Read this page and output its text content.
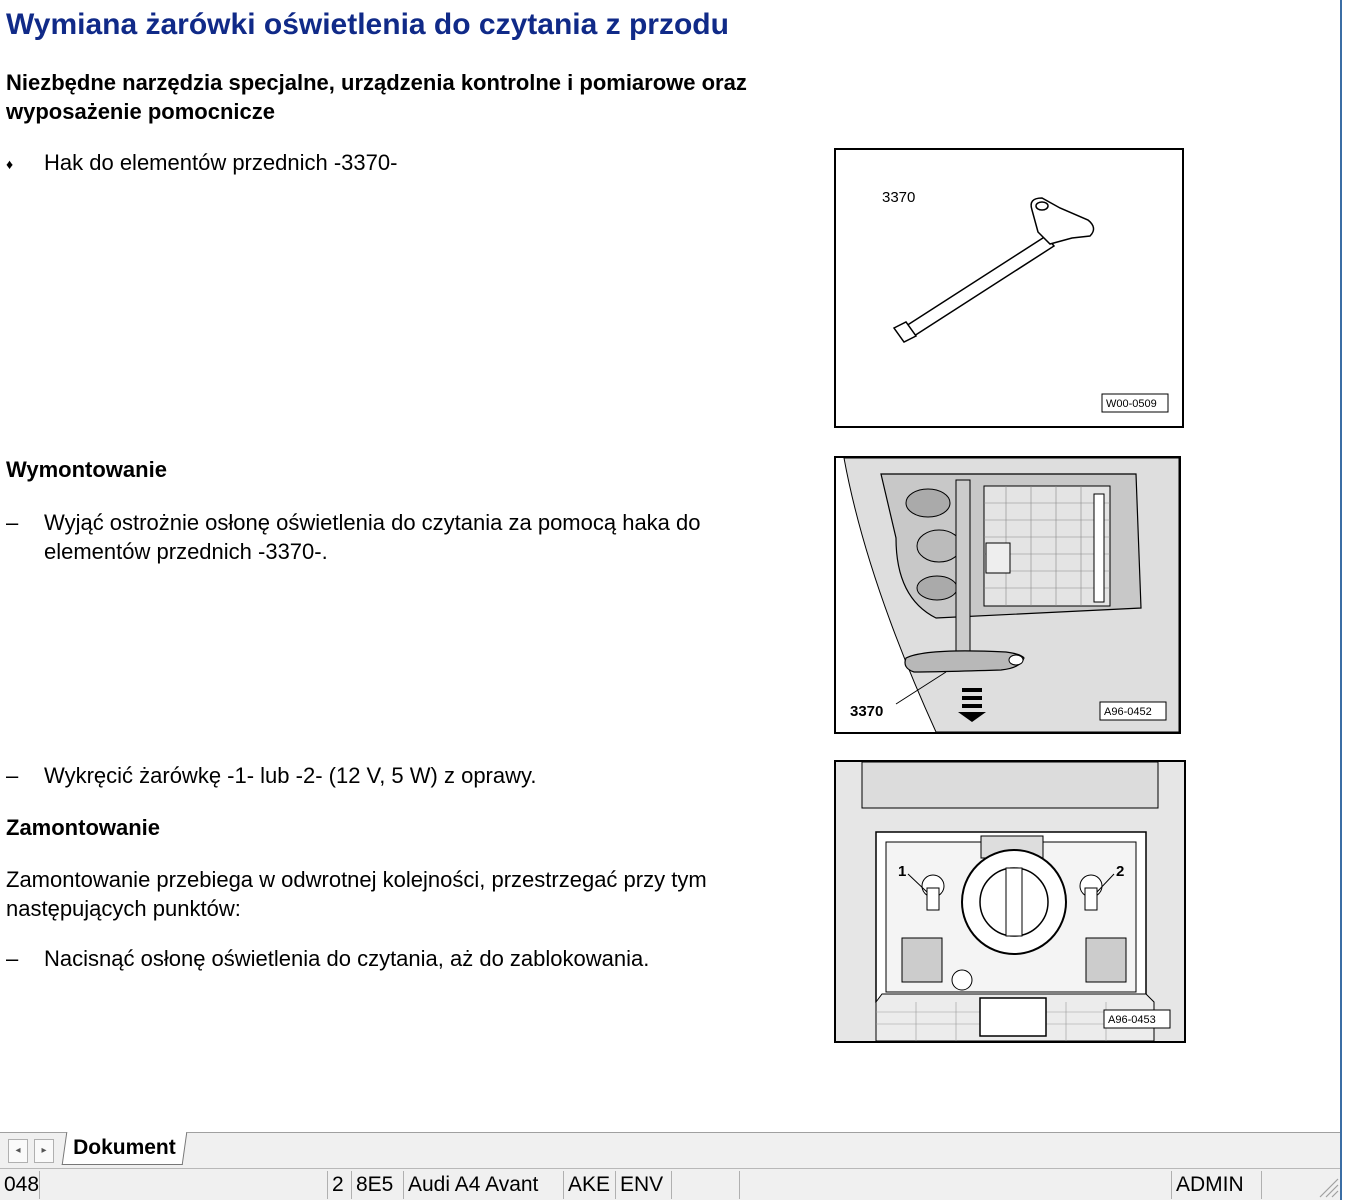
Wymiana żarówki oświetlenia do czytania z przodu
Niezbędne narzędzia specjalne, urządzenia kontrolne i pomiarowe oraz wyposażenie pomocnicze
♦	Hak do elementów przednich -3370-
Wymontowanie
–	Wyjąć ostrożnie osłonę oświetlenia do czytania za pomocą haka do elementów przednich -3370-.
–	Wykręcić żarówkę -1- lub -2- (12 V, 5 W) z oprawy.
Zamontowanie
Zamontowanie przebiega w odwrotnej kolejności, przestrzegać przy tym następujących punktów:
–	Nacisnąć osłonę oświetlenia do czytania, aż do zablokowania.
3370
W00-0509
3370	A96-0452
1	2
A96-0453
◂	▸	Dokument
048	2 8E5 Audi A4 Avant	AKE ENV	ADMIN
